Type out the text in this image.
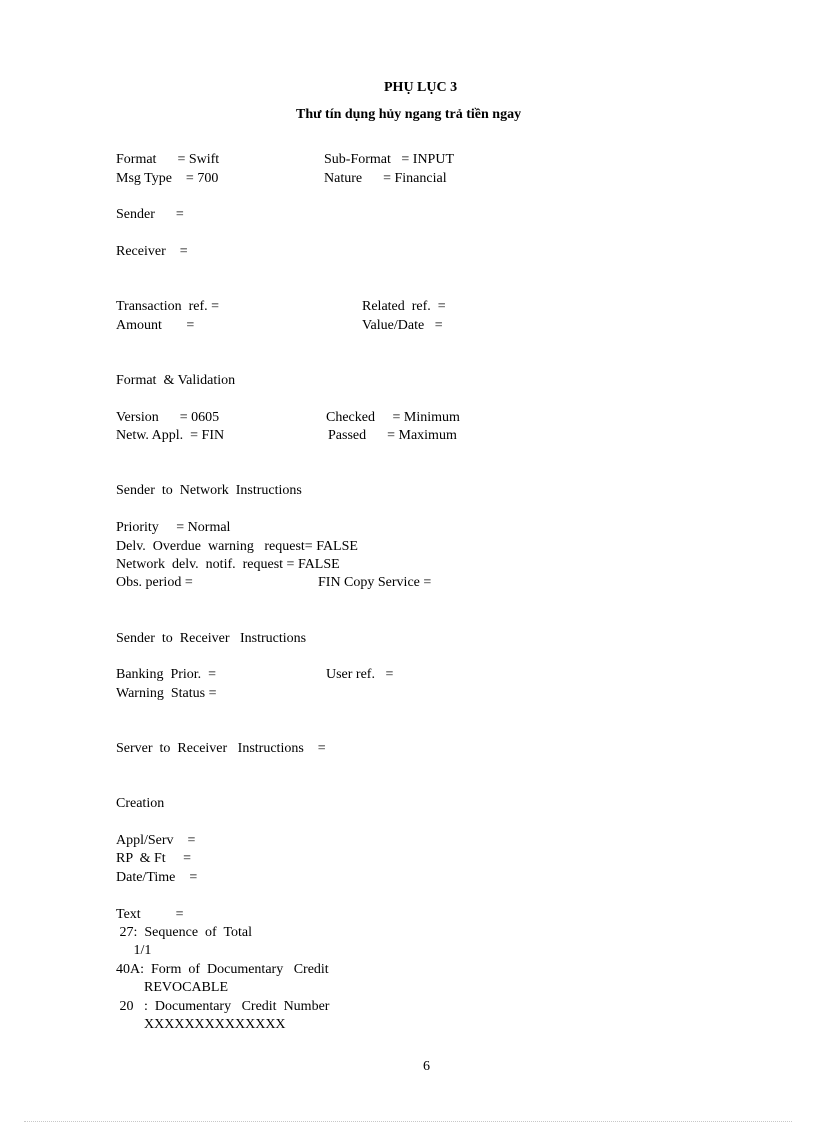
PHỤ LỤC 3
Thư tín dụng hủy ngang trả tiền ngay
Format      = Swift	Sub-Format   = INPUT
Msg Type    = 700	Nature      = Financial
Sender      =
Receiver    =
Transaction  ref. =	Related  ref.  =
Amount       =	Value/Date   =
Format  & Validation
Version      = 0605	Checked     = Minimum
Netw. Appl.  = FIN	Passed      = Maximum
Sender  to  Network  Instructions
Priority     = Normal
Delv.  Overdue  warning   request= FALSE
Network  delv.  notif.  request = FALSE
Obs. period =	FIN Copy Service =
Sender  to  Receiver   Instructions
Banking  Prior.  =	User ref.   =
Warning  Status =
Server  to  Receiver   Instructions    =
Creation
Appl/Serv    =
RP  & Ft     =
Date/Time    =
Text          =
27:  Sequence  of  Total
1/1
40A:  Form  of  Documentary   Credit
REVOCABLE
20   :  Documentary   Credit  Number
XXXXXXXXXXXXXX
6
